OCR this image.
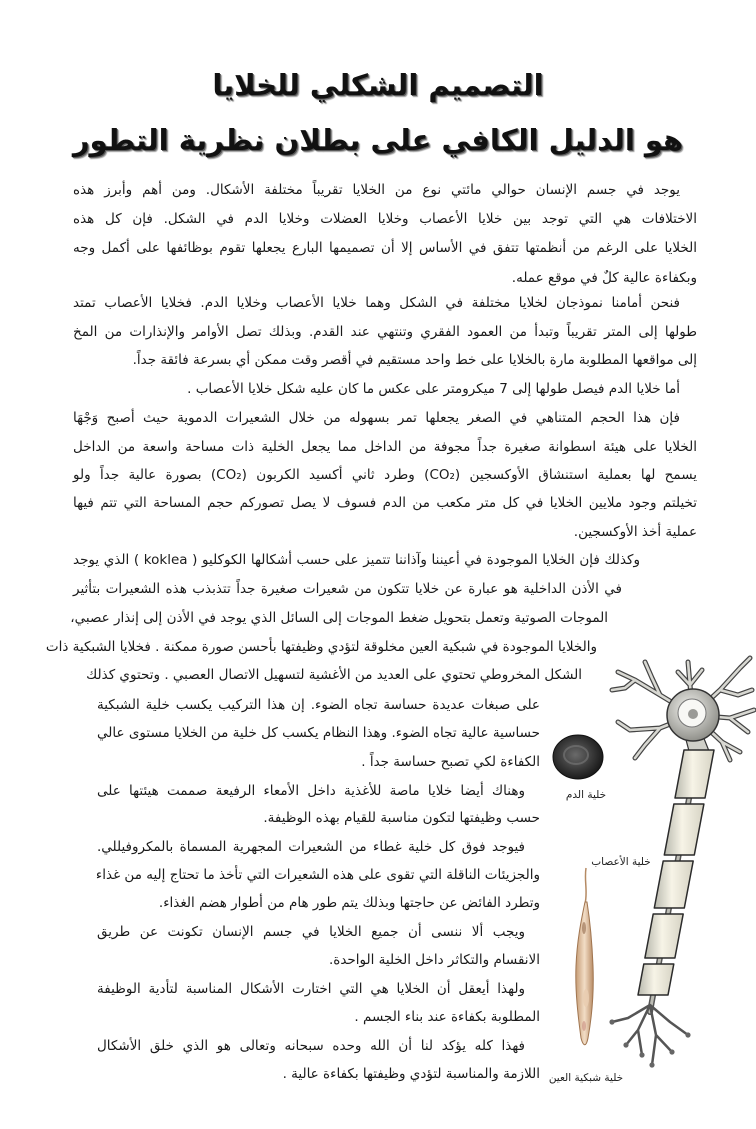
التصميم الشكلي للخلايا
هو الدليل الكافي على بطلان نظرية التطور
يوجد في جسم الإنسان حوالي مائتي نوع من الخلايا تقريباً مختلفة الأشكال. ومن أهم وأبرز هذه
الاختلافات هي التي توجد بين خلايا الأعصاب وخلايا العضلات وخلايا الدم في الشكل. فإن كل هذه
الخلايا على الرغم من أنظمتها تتفق في الأساس إلا أن تصميمها البارع يجعلها تقوم بوظائفها على أكمل وجه
وبكفاءة عالية كلٌ في موقع عمله.
فنحن أمامنا نموذجان لخلايا مختلفة في الشكل وهما خلايا الأعصاب وخلايا الدم. فخلايا الأعصاب تمتد
طولها إلى المتر تقريباً وتبدأ من العمود الفقري وتنتهي عند القدم. وبذلك تصل الأوامر والإنذارات من المخ
إلى مواقعها المطلوبة مارة بالخلايا على خط واحد مستقيم في أقصر وقت ممكن أي بسرعة فائقة جداً.
أما خلايا الدم فيصل طولها إلى 7 ميكرومتر على عكس ما كان عليه شكل خلايا الأعصاب .
فإن هذا الحجم المتناهي في الصغر يجعلها تمر بسهوله من خلال الشعيرات الدموية حيث أصبح وَجْهَا
الخلايا على هيئة اسطوانة صغيرة جداً مجوفة من الداخل مما يجعل الخلية ذات مساحة واسعة من الداخل
يسمح لها بعملية استنشاق الأوكسجين (CO₂) وطرد ثاني أكسيد الكربون (CO₂) بصورة عالية جداً ولو
تخيلتم وجود ملايين الخلايا في كل متر مكعب من الدم فسوف لا يصل تصوركم حجم المساحة التي تتم فيها
عملية أخذ الأوكسجين.
وكذلك فإن الخلايا الموجودة في أعيننا وآذاننا تتميز على حسب أشكالها الكوكليو ( koklea ) الذي يوجد
في الأذن الداخلية هو عبارة عن خلايا تتكون من شعيرات صغيرة جداً تتذبذب هذه الشعيرات بتأثير
الموجات الصوتية وتعمل بتحويل ضغط الموجات إلى السائل الذي يوجد في الأذن إلى إنذار عصبي،
والخلايا الموجودة في شبكية العين مخلوقة لتؤدي وظيفتها بأحسن صورة ممكنة . فخلايا الشبكية ذات
الشكل المخروطي تحتوي على العديد من الأغشية لتسهيل الاتصال العصبي . وتحتوي كذلك
على صبغات عديدة حساسة تجاه الضوء. إن هذا التركيب يكسب خلية الشبكية
حساسية عالية تجاه الضوء. وهذا النظام يكسب كل خلية من الخلايا مستوى عالي
الكفاءة لكي تصبح حساسة جداً .
وهناك أيضا خلايا ماصة للأغذية داخل الأمعاء الرفيعة صممت هيئتها على
حسب وظيفتها لتكون مناسبة للقيام بهذه الوظيفة.
فيوجد فوق كل خلية غطاء من الشعيرات المجهرية المسماة بالمكروفيللي.
والجزيئات الناقلة التي تقوى على هذه الشعيرات التي تأخذ ما تحتاج إليه من غذاء
وتطرد الفائض عن حاجتها وبذلك يتم طور هام من أطوار هضم الغذاء.
ويجب ألا ننسى أن جميع الخلايا في جسم الإنسان تكونت عن طريق
الانقسام والتكاثر داخل الخلية الواحدة.
ولهذا أيعقل أن الخلايا هي التي اختارت الأشكال المناسبة لتأدية الوظيفة
المطلوبة بكفاءة عند بناء الجسم .
فهذا كله يؤكد لنا أن الله وحده سبحانه وتعالى هو الذي خلق الأشكال
اللازمة والمناسبة لتؤدي وظيفتها بكفاءة عالية .
خلية الدم
خلية الأعصاب
خلية شبكية العين
